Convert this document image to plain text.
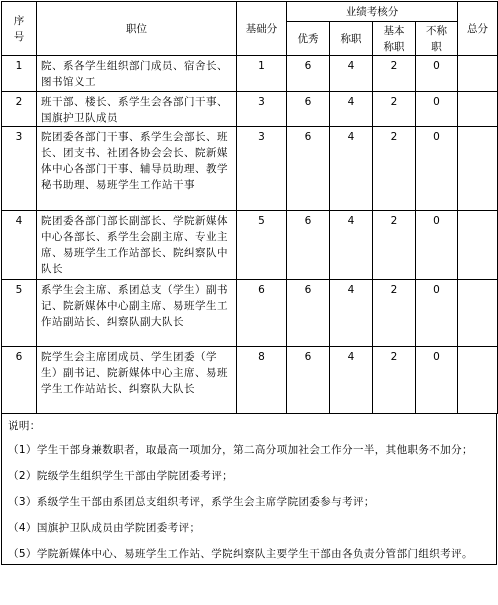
序号	职位	基础分	业绩考核分				总分
			优秀	称职	基本称职	不称职	
1	院、系各学生组织部门成员、宿舍长、图书馆义工	1	6	4	2	0	
2	班干部、楼长、系学生会各部门干事、国旗护卫队成员	3	6	4	2	0	
3	院团委各部门干事、系学生会部长、班长、团支书、社团各协会会长、院新媒体中心各部门干事、辅导员助理、教学秘书助理、易班学生工作站干事	3	6	4	2	0	
4	院团委各部门部长副部长、学院新媒体中心各部长、系学生会副主席、专业主席、易班学生工作站部长、院纠察队中队长	5	6	4	2	0	
5	系学生会主席、系团总支（学生）副书记、院新媒体中心副主席、易班学生工作站副站长、纠察队副大队长	6	6	4	2	0	
6	院学生会主席团成员、学生团委（学生）副书记、院新媒体中心主席、易班学生工作站站长、纠察队大队长	8	6	4	2	0	

说明：

（1）学生干部身兼数职者，取最高一项加分，第二高分项加社会工作分一半，其他职务不加分；

（2）院级学生组织学生干部由学院团委考评；

（3）系级学生干部由系团总支组织考评，系学生会主席学院团委参与考评；

（4）国旗护卫队成员由学院团委考评；

（5）学院新媒体中心、易班学生工作站、学院纠察队主要学生干部由各负责分管部门组织考评。
